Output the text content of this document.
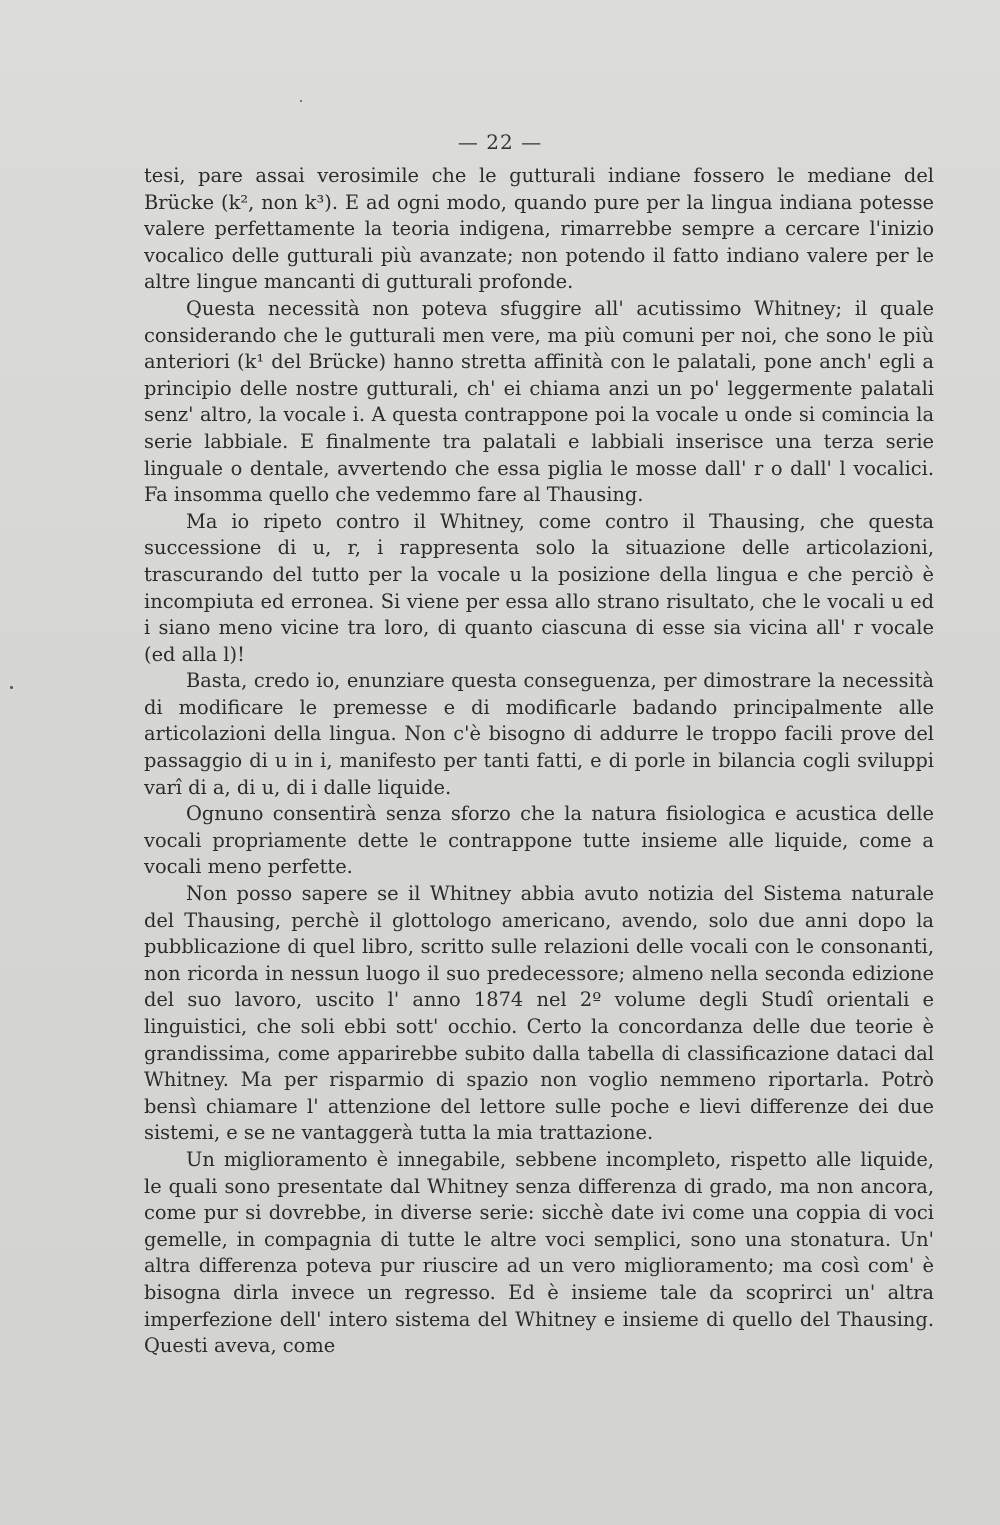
— 22 —

tesi, pare assai verosimile che le gutturali indiane fossero le mediane del Brücke (k², non k³). E ad ogni modo, quando pure per la lingua indiana potesse valere perfettamente la teoria indigena, rimarrebbe sempre a cercare l'inizio vocalico delle gutturali più avanzate; non potendo il fatto indiano valere per le altre lingue mancanti di gutturali profonde.

Questa necessità non poteva sfuggire all' acutissimo Whitney; il quale considerando che le gutturali men vere, ma più comuni per noi, che sono le più anteriori (k¹ del Brücke) hanno stretta affinità con le palatali, pone anch' egli a principio delle nostre gutturali, ch' ei chiama anzi un po' leggermente palatali senz' altro, la vocale i. A questa contrappone poi la vocale u onde si comincia la serie labbiale. E finalmente tra palatali e labbiali inserisce una terza serie linguale o dentale, avvertendo che essa piglia le mosse dall' r o dall' l vocalici. Fa insomma quello che vedemmo fare al Thausing.

Ma io ripeto contro il Whitney, come contro il Thausing, che questa successione di u, r, i rappresenta solo la situazione delle articolazioni, trascurando del tutto per la vocale u la posizione della lingua e che perciò è incompiuta ed erronea. Si viene per essa allo strano risultato, che le vocali u ed i siano meno vicine tra loro, di quanto ciascuna di esse sia vicina all' r vocale (ed alla l)!

Basta, credo io, enunziare questa conseguenza, per dimostrare la necessità di modificare le premesse e di modificarle badando principalmente alle articolazioni della lingua. Non c'è bisogno di addurre le troppo facili prove del passaggio di u in i, manifesto per tanti fatti, e di porle in bilancia cogli sviluppi varî di a, di u, di i dalle liquide.

Ognuno consentirà senza sforzo che la natura fisiologica e acustica delle vocali propriamente dette le contrappone tutte insieme alle liquide, come a vocali meno perfette.

Non posso sapere se il Whitney abbia avuto notizia del Sistema naturale del Thausing, perchè il glottologo americano, avendo, solo due anni dopo la pubblicazione di quel libro, scritto sulle relazioni delle vocali con le consonanti, non ricorda in nessun luogo il suo predecessore; almeno nella seconda edizione del suo lavoro, uscito l' anno 1874 nel 2º volume degli Studî orientali e linguistici, che soli ebbi sott' occhio. Certo la concordanza delle due teorie è grandissima, come apparirebbe subito dalla tabella di classificazione dataci dal Whitney. Ma per risparmio di spazio non voglio nemmeno riportarla. Potrò bensì chiamare l' attenzione del lettore sulle poche e lievi differenze dei due sistemi, e se ne vantaggerà tutta la mia trattazione.

Un miglioramento è innegabile, sebbene incompleto, rispetto alle liquide, le quali sono presentate dal Whitney senza differenza di grado, ma non ancora, come pur si dovrebbe, in diverse serie: sicchè date ivi come una coppia di voci gemelle, in compagnia di tutte le altre voci semplici, sono una stonatura. Un' altra differenza poteva pur riuscire ad un vero miglioramento; ma così com' è bisogna dirla invece un regresso. Ed è insieme tale da scoprirci un' altra imperfezione dell' intero sistema del Whitney e insieme di quello del Thausing. Questi aveva, come
